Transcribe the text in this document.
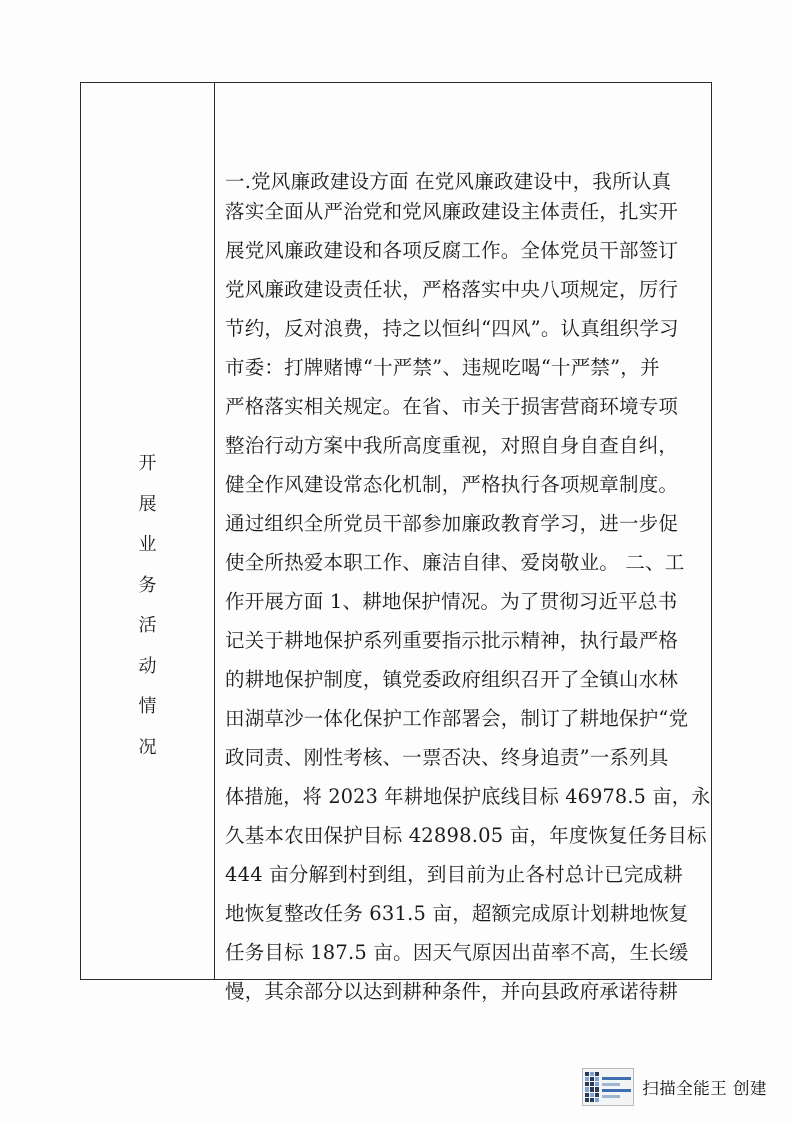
开
展
业
务
活
动
情
况
一.党风廉政建设方面 在党风廉政建设中，我所认真
落实全面从严治党和党风廉政建设主体责任，扎实开
展党风廉政建设和各项反腐工作。全体党员干部签订
党风廉政建设责任状，严格落实中央八项规定，厉行
节约，反对浪费，持之以恒纠“四风”。认真组织学习
市委：打牌赌博“十严禁”、违规吃喝“十严禁”，并
严格落实相关规定。在省、市关于损害营商环境专项
整治行动方案中我所高度重视，对照自身自查自纠，
健全作风建设常态化机制，严格执行各项规章制度。
通过组织全所党员干部参加廉政教育学习，进一步促
使全所热爱本职工作、廉洁自律、爱岗敬业。 二、工
作开展方面 1、耕地保护情况。为了贯彻习近平总书
记关于耕地保护系列重要指示批示精神，执行最严格
的耕地保护制度，镇党委政府组织召开了全镇山水林
田湖草沙一体化保护工作部署会，制订了耕地保护“党
政同责、刚性考核、一票否决、终身追责”一系列具
体措施，将 2023 年耕地保护底线目标 46978.5 亩，永
久基本农田保护目标 42898.05 亩，年度恢复任务目标
444 亩分解到村到组，到目前为止各村总计已完成耕
地恢复整改任务 631.5 亩，超额完成原计划耕地恢复
任务目标 187.5 亩。因天气原因出苗率不高，生长缓
慢，其余部分以达到耕种条件，并向县政府承诺待耕
扫描全能王 创建
